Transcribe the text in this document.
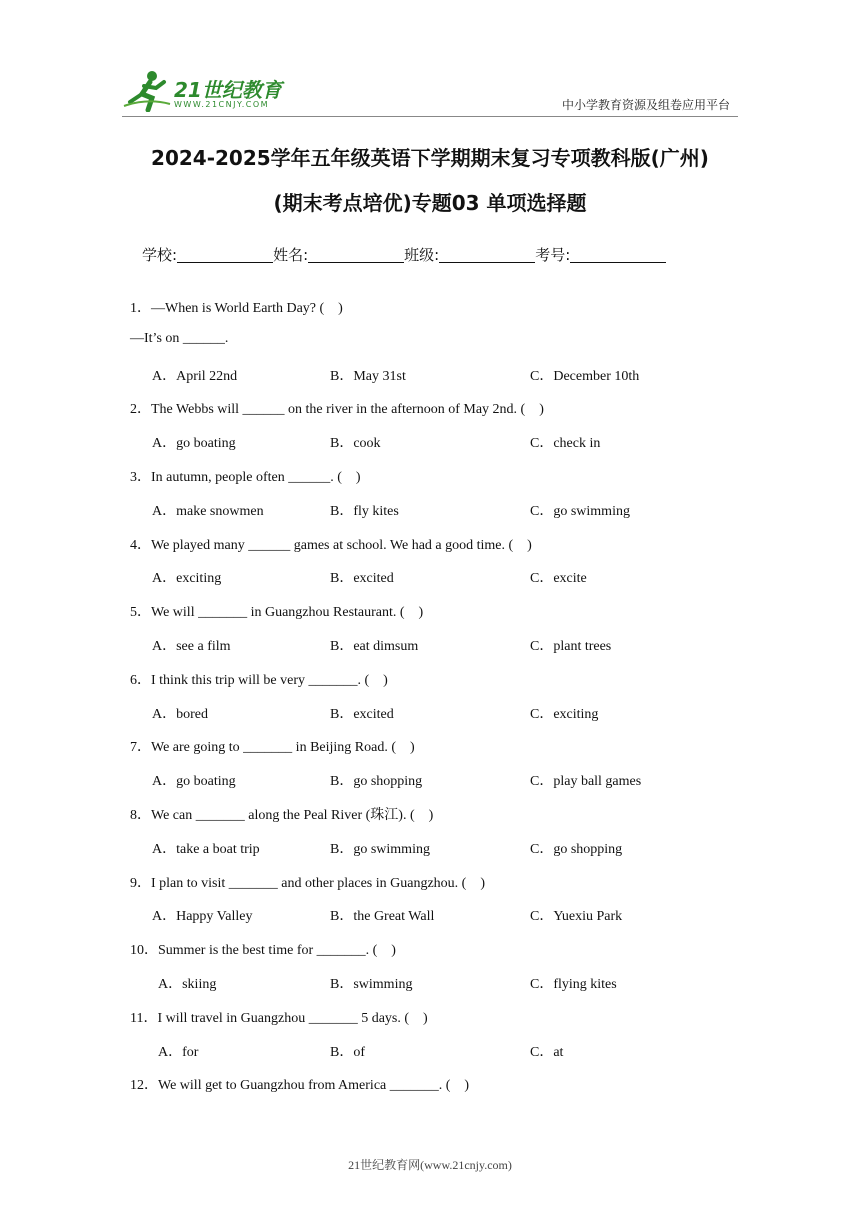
21世纪教育
WWW.21CNJY.COM	中小学教育资源及组卷应用平台
2024-2025学年五年级英语下学期期末复习专项教科版(广州)
(期末考点培优)专题03 单项选择题
学校:	姓名:	班级:	考号:
1．—When is World Earth Day? (　)
—It’s on ______.
A．April 22nd	B．May 31st	C．December 10th
2．The Webbs will ______ on the river in the afternoon of May 2nd. (　)
A．go boating	B．cook	C．check in
3．In autumn, people often ______. (　)
A．make snowmen	B．fly kites	C．go swimming
4．We played many ______ games at school. We had a good time. (　)
A．exciting	B．excited	C．excite
5．We will _______ in Guangzhou Restaurant. (　)
A．see a film	B．eat dimsum	C．plant trees
6．I think this trip will be very _______. (　)
A．bored	B．excited	C．exciting
7．We are going to _______ in Beijing Road. (　)
A．go boating	B．go shopping	C．play ball games
8．We can _______ along the Peal River (珠江). (　)
A．take a boat trip	B．go swimming	C．go shopping
9．I plan to visit _______ and other places in Guangzhou. (　)
A．Happy Valley	B．the Great Wall	C．Yuexiu Park
10．Summer is the best time for _______. (　)
A．skiing	B．swimming	C．flying kites
11．I will travel in Guangzhou _______ 5 days. (　)
A．for	B．of	C．at
12．We will get to Guangzhou from America _______. (　)
21世纪教育网(www.21cnjy.com)
